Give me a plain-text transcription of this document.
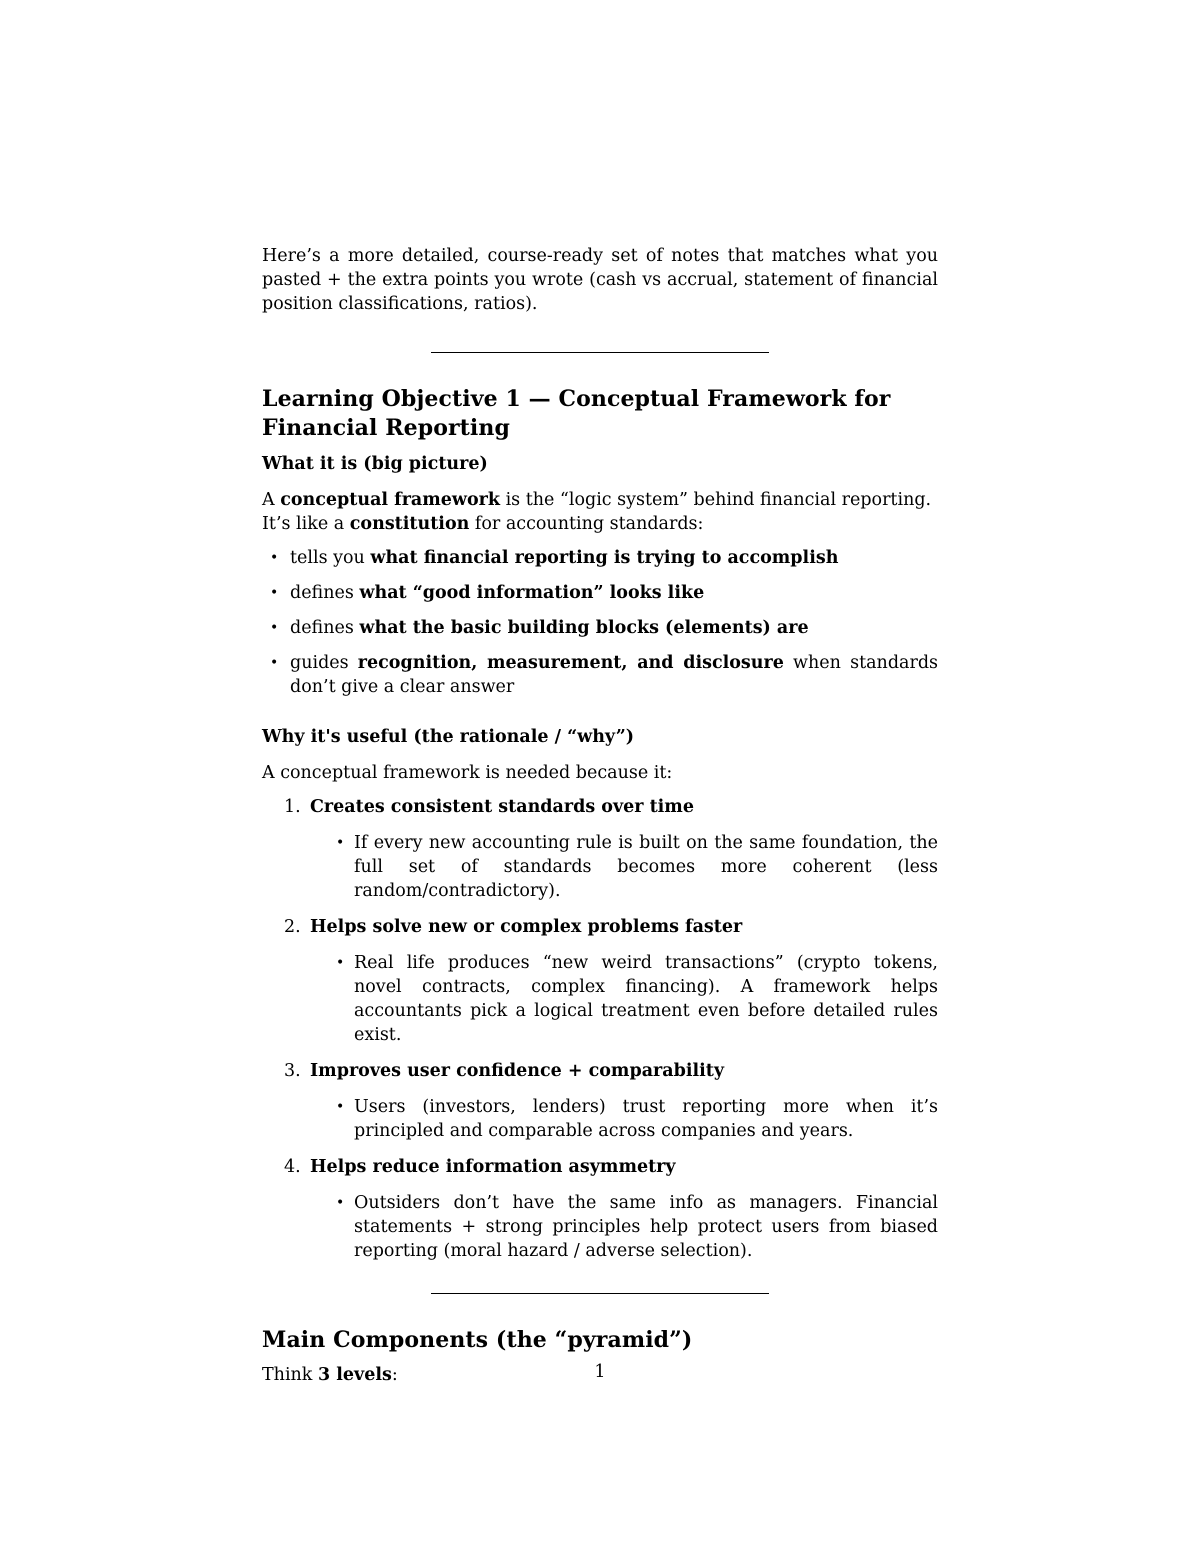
Here’s a more detailed, course-ready set of notes that matches what you pasted + the extra points you wrote (cash vs accrual, statement of financial position classifications, ratios).

Learning Objective 1 — Conceptual Framework for Financial Reporting
What it is (big picture)

A conceptual framework is the “logic system” behind financial reporting. It’s like a constitution for accounting standards:

• tells you what financial reporting is trying to accomplish
• defines what “good information” looks like
• defines what the basic building blocks (elements) are
• guides recognition, measurement, and disclosure when standards don’t give a clear answer
Why it's useful (the rationale / “why”)

A conceptual framework is needed because it:

1. Creates consistent standards over time
• If every new accounting rule is built on the same foundation, the full set of standards becomes more coherent (less random/contradictory).
2. Helps solve new or complex problems faster
• Real life produces “new weird transactions” (crypto tokens, novel contracts, complex financing). A framework helps accountants pick a logical treatment even before detailed rules exist.
3. Improves user confidence + comparability
• Users (investors, lenders) trust reporting more when it’s principled and comparable across companies and years.
4. Helps reduce information asymmetry
• Outsiders don’t have the same info as managers. Financial statements + strong principles help protect users from biased reporting (moral hazard / adverse selection).
Main Components (the “pyramid”)

Think 3 levels:	1
